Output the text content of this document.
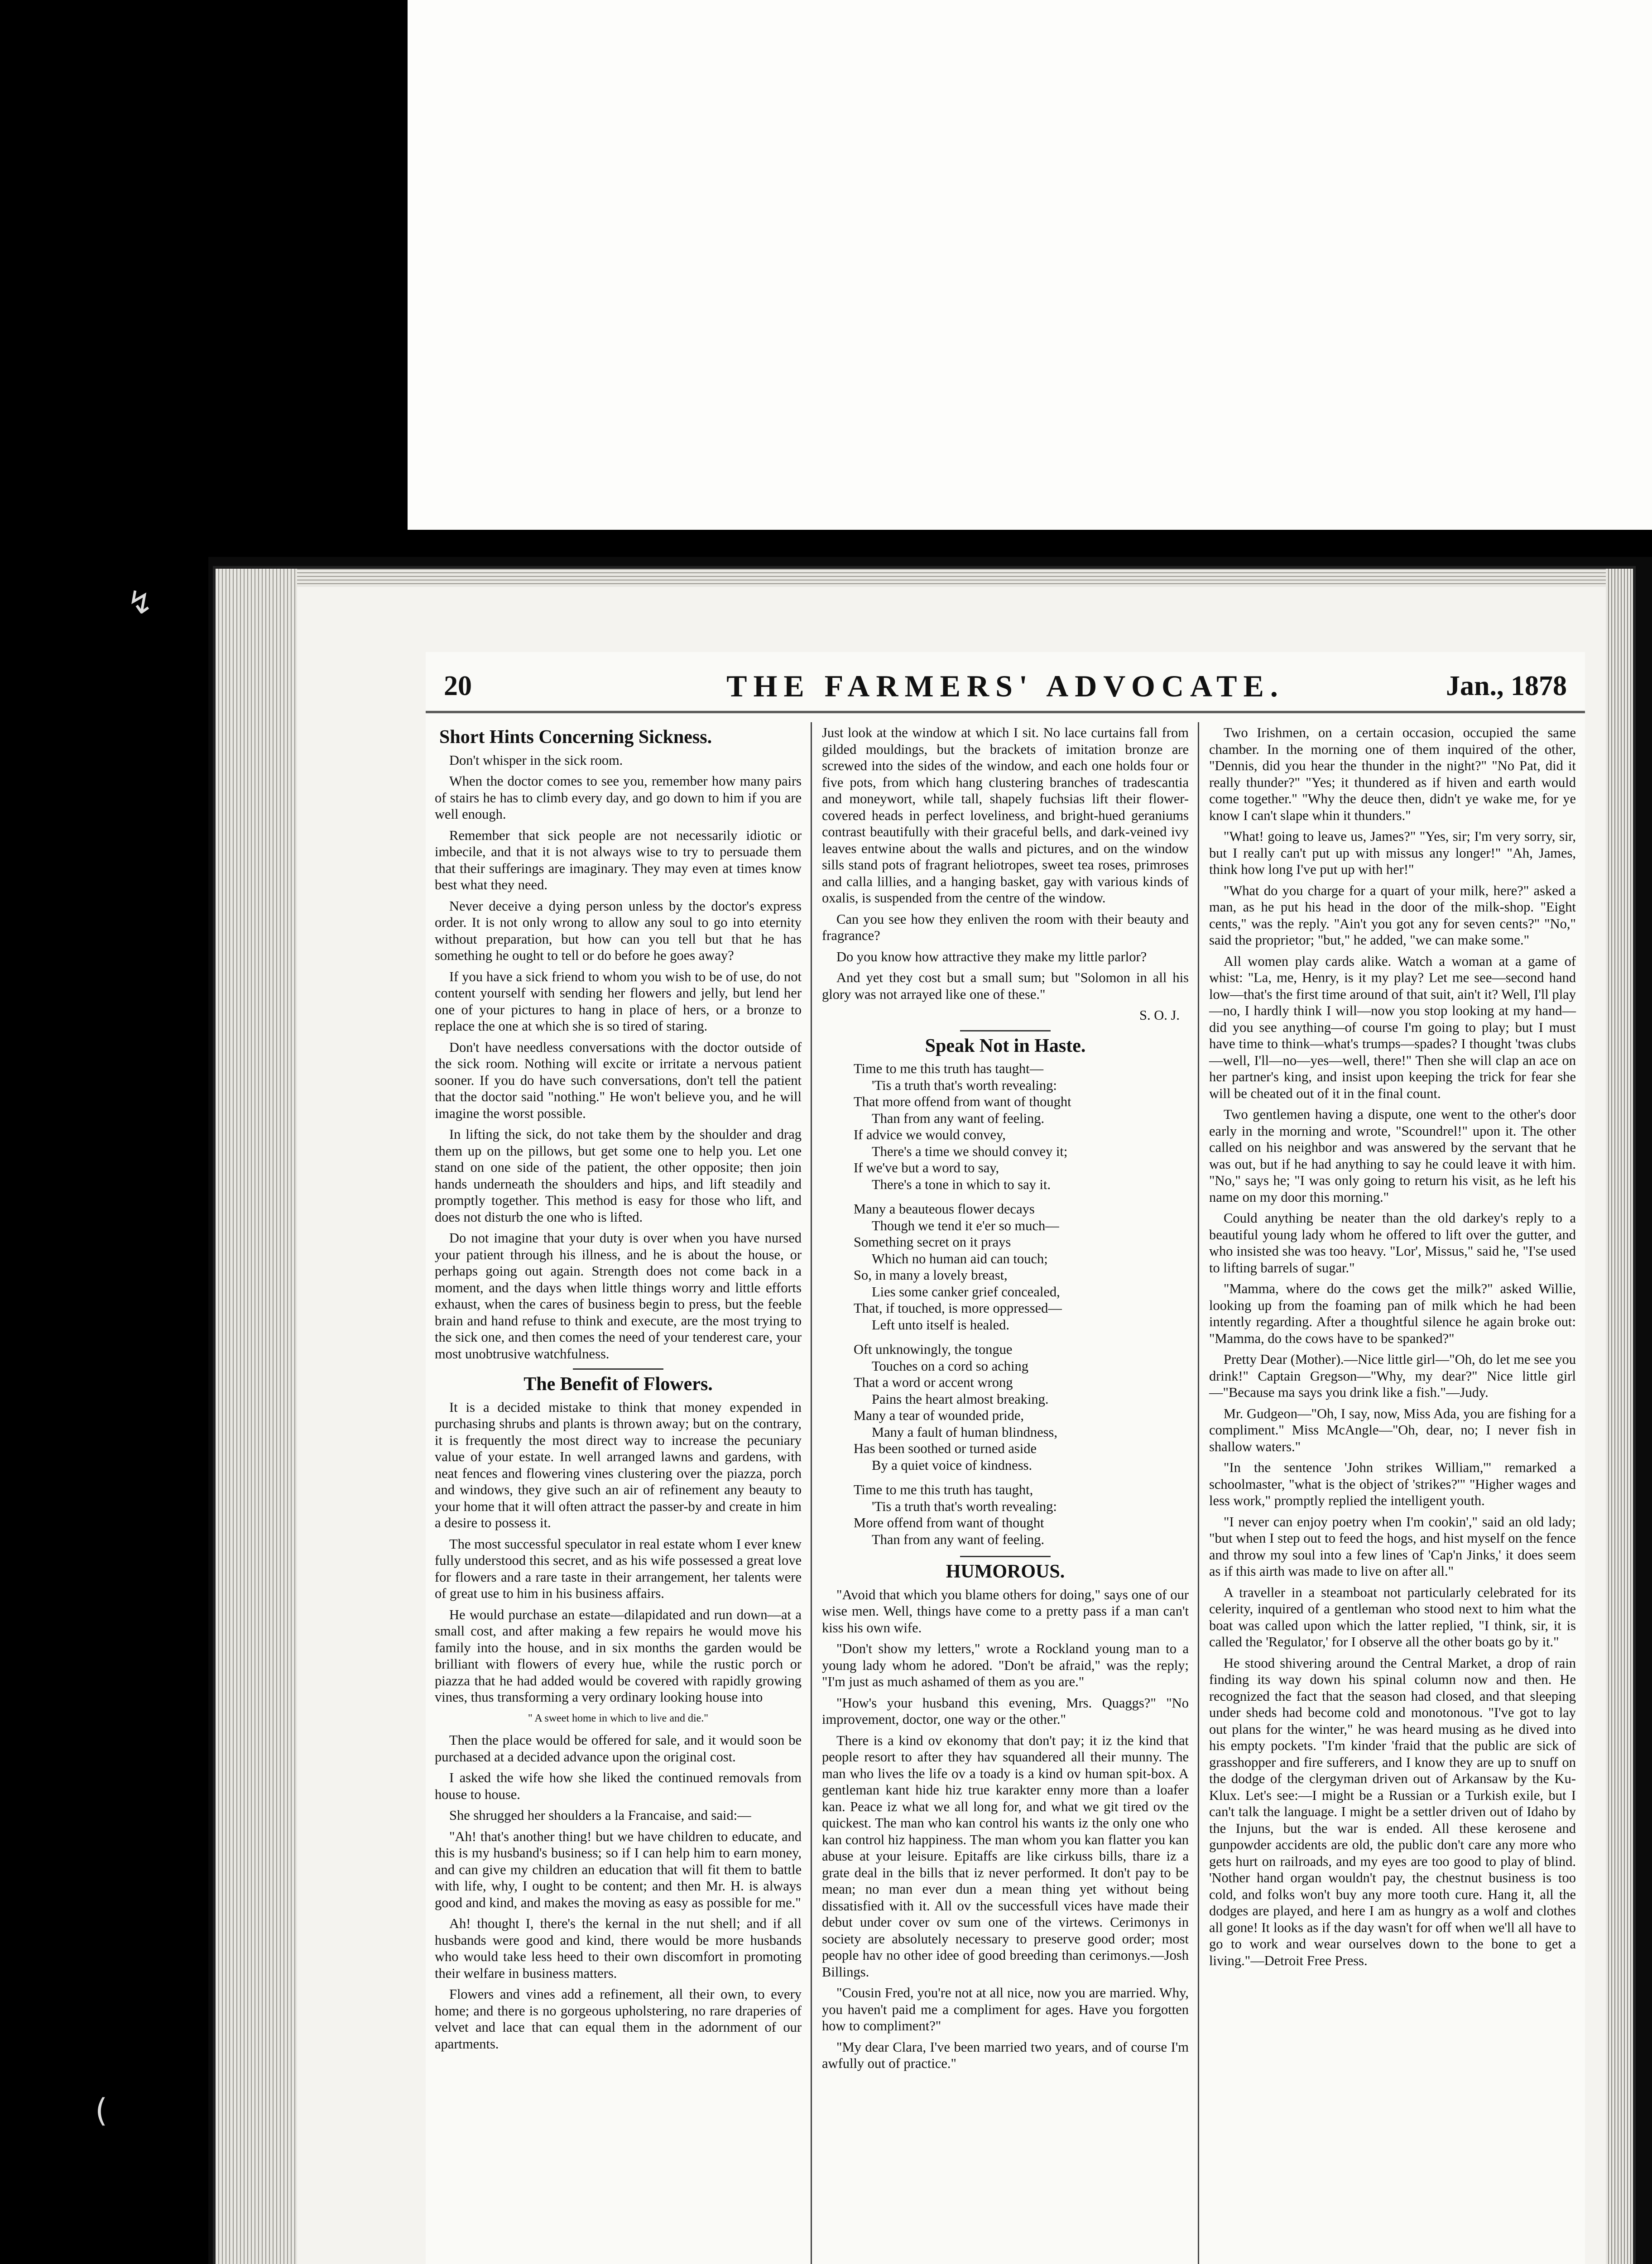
↯
(
20	THE FARMERS' ADVOCATE.	Jan., 1878
Short Hints Concerning Sickness.

Don't whisper in the sick room.

When the doctor comes to see you, remember how many pairs of stairs he has to climb every day, and go down to him if you are well enough.

Remember that sick people are not necessarily idiotic or imbecile, and that it is not always wise to try to persuade them that their sufferings are imaginary. They may even at times know best what they need.

Never deceive a dying person unless by the doctor's express order. It is not only wrong to allow any soul to go into eternity without preparation, but how can you tell but that he has something he ought to tell or do before he goes away?

If you have a sick friend to whom you wish to be of use, do not content yourself with sending her flowers and jelly, but lend her one of your pictures to hang in place of hers, or a bronze to replace the one at which she is so tired of staring.

Don't have needless conversations with the doctor outside of the sick room. Nothing will excite or irritate a nervous patient sooner. If you do have such conversations, don't tell the patient that the doctor said "nothing." He won't believe you, and he will imagine the worst possible.

In lifting the sick, do not take them by the shoulder and drag them up on the pillows, but get some one to help you. Let one stand on one side of the patient, the other opposite; then join hands underneath the shoulders and hips, and lift steadily and promptly together. This method is easy for those who lift, and does not disturb the one who is lifted.

Do not imagine that your duty is over when you have nursed your patient through his illness, and he is about the house, or perhaps going out again. Strength does not come back in a moment, and the days when little things worry and little efforts exhaust, when the cares of business begin to press, but the feeble brain and hand refuse to think and execute, are the most trying to the sick one, and then comes the need of your tenderest care, your most unobtrusive watchfulness.

The Benefit of Flowers.

It is a decided mistake to think that money expended in purchasing shrubs and plants is thrown away; but on the contrary, it is frequently the most direct way to increase the pecuniary value of your estate. In well arranged lawns and gardens, with neat fences and flowering vines clustering over the piazza, porch and windows, they give such an air of refinement any beauty to your home that it will often attract the passer-by and create in him a desire to possess it.

The most successful speculator in real estate whom I ever knew fully understood this secret, and as his wife possessed a great love for flowers and a rare taste in their arrangement, her talents were of great use to him in his business affairs.

He would purchase an estate—dilapidated and run down—at a small cost, and after making a few repairs he would move his family into the house, and in six months the garden would be brilliant with flowers of every hue, while the rustic porch or piazza that he had added would be covered with rapidly growing vines, thus transforming a very ordinary looking house into

" A sweet home in which to live and die."

Then the place would be offered for sale, and it would soon be purchased at a decided advance upon the original cost.

I asked the wife how she liked the continued removals from house to house.

She shrugged her shoulders a la Francaise, and said:—

"Ah! that's another thing! but we have children to educate, and this is my husband's business; so if I can help him to earn money, and can give my children an education that will fit them to battle with life, why, I ought to be content; and then Mr. H. is always good and kind, and makes the moving as easy as possible for me."

Ah! thought I, there's the kernal in the nut shell; and if all husbands were good and kind, there would be more husbands who would take less heed to their own discomfort in promoting their welfare in business matters.

Flowers and vines add a refinement, all their own, to every home; and there is no gorgeous upholstering, no rare draperies of velvet and lace that can equal them in the adornment of our apartments.

Just look at the window at which I sit. No lace curtains fall from gilded mouldings, but the brackets of imitation bronze are screwed into the sides of the window, and each one holds four or five pots, from which hang clustering branches of tradescantia and moneywort, while tall, shapely fuchsias lift their flower-covered heads in perfect loveliness, and bright-hued geraniums contrast beautifully with their graceful bells, and dark-veined ivy leaves entwine about the walls and pictures, and on the window sills stand pots of fragrant heliotropes, sweet tea roses, primroses and calla lillies, and a hanging basket, gay with various kinds of oxalis, is suspended from the centre of the window.

Can you see how they enliven the room with their beauty and fragrance?

Do you know how attractive they make my little parlor?

And yet they cost but a small sum; but "Solomon in all his glory was not arrayed like one of these."

S. O. J.
Speak Not in Haste.
Time to me this truth has taught—
'Tis a truth that's worth revealing:
That more offend from want of thought
Than from any want of feeling.
If advice we would convey,
There's a time we should convey it;
If we've but a word to say,
There's a tone in which to say it.
Many a beauteous flower decays
Though we tend it e'er so much—
Something secret on it prays
Which no human aid can touch;
So, in many a lovely breast,
Lies some canker grief concealed,
That, if touched, is more oppressed—
Left unto itself is healed.
Oft unknowingly, the tongue
Touches on a cord so aching
That a word or accent wrong
Pains the heart almost breaking.
Many a tear of wounded pride,
Many a fault of human blindness,
Has been soothed or turned aside
By a quiet voice of kindness.
Time to me this truth has taught,
'Tis a truth that's worth revealing:
More offend from want of thought
Than from any want of feeling.
HUMOROUS.

"Avoid that which you blame others for doing," says one of our wise men. Well, things have come to a pretty pass if a man can't kiss his own wife.

"Don't show my letters," wrote a Rockland young man to a young lady whom he adored. "Don't be afraid," was the reply; "I'm just as much ashamed of them as you are."

"How's your husband this evening, Mrs. Quaggs?" "No improvement, doctor, one way or the other."

There is a kind ov ekonomy that don't pay; it iz the kind that people resort to after they hav squandered all their munny. The man who lives the life ov a toady is a kind ov human spit-box. A gentleman kant hide hiz true karakter enny more than a loafer kan. Peace iz what we all long for, and what we git tired ov the quickest. The man who kan control his wants iz the only one who kan control hiz happiness. The man whom you kan flatter you kan abuse at your leisure. Epitaffs are like cirkuss bills, thare iz a grate deal in the bills that iz never performed. It don't pay to be mean; no man ever dun a mean thing yet without being dissatisfied with it. All ov the successfull vices have made their debut under cover ov sum one of the virtews. Cerimonys in society are absolutely necessary to preserve good order; most people hav no other idee of good breeding than cerimonys.—Josh Billings.

"Cousin Fred, you're not at all nice, now you are married. Why, you haven't paid me a compliment for ages. Have you forgotten how to compliment?"

"My dear Clara, I've been married two years, and of course I'm awfully out of practice."

Two Irishmen, on a certain occasion, occupied the same chamber. In the morning one of them inquired of the other, "Dennis, did you hear the thunder in the night?" "No Pat, did it really thunder?" "Yes; it thundered as if hiven and earth would come together." "Why the deuce then, didn't ye wake me, for ye know I can't slape whin it thunders."

"What! going to leave us, James?" "Yes, sir; I'm very sorry, sir, but I really can't put up with missus any longer!" "Ah, James, think how long I've put up with her!"

"What do you charge for a quart of your milk, here?" asked a man, as he put his head in the door of the milk-shop. "Eight cents," was the reply. "Ain't you got any for seven cents?" "No," said the proprietor; "but," he added, "we can make some."

All women play cards alike. Watch a woman at a game of whist: "La, me, Henry, is it my play? Let me see—second hand low—that's the first time around of that suit, ain't it? Well, I'll play—no, I hardly think I will—now you stop looking at my hand—did you see anything—of course I'm going to play; but I must have time to think—what's trumps—spades? I thought 'twas clubs—well, I'll—no—yes—well, there!" Then she will clap an ace on her partner's king, and insist upon keeping the trick for fear she will be cheated out of it in the final count.

Two gentlemen having a dispute, one went to the other's door early in the morning and wrote, "Scoundrel!" upon it. The other called on his neighbor and was answered by the servant that he was out, but if he had anything to say he could leave it with him. "No," says he; "I was only going to return his visit, as he left his name on my door this morning."

Could anything be neater than the old darkey's reply to a beautiful young lady whom he offered to lift over the gutter, and who insisted she was too heavy. "Lor', Missus," said he, "I'se used to lifting barrels of sugar."

"Mamma, where do the cows get the milk?" asked Willie, looking up from the foaming pan of milk which he had been intently regarding. After a thoughtful silence he again broke out: "Mamma, do the cows have to be spanked?"

Pretty Dear (Mother).—Nice little girl—"Oh, do let me see you drink!" Captain Gregson—"Why, my dear?" Nice little girl—"Because ma says you drink like a fish."—Judy.

Mr. Gudgeon—"Oh, I say, now, Miss Ada, you are fishing for a compliment." Miss McAngle—"Oh, dear, no; I never fish in shallow waters."

"In the sentence 'John strikes William,'" remarked a schoolmaster, "what is the object of 'strikes?'" "Higher wages and less work," promptly replied the intelligent youth.

"I never can enjoy poetry when I'm cookin'," said an old lady; "but when I step out to feed the hogs, and hist myself on the fence and throw my soul into a few lines of 'Cap'n Jinks,' it does seem as if this airth was made to live on after all."

A traveller in a steamboat not particularly celebrated for its celerity, inquired of a gentleman who stood next to him what the boat was called upon which the latter replied, "I think, sir, it is called the 'Regulator,' for I observe all the other boats go by it."

He stood shivering around the Central Market, a drop of rain finding its way down his spinal column now and then. He recognized the fact that the season had closed, and that sleeping under sheds had become cold and monotonous. "I've got to lay out plans for the winter," he was heard musing as he dived into his empty pockets. "I'm kinder 'fraid that the public are sick of grasshopper and fire sufferers, and I know they are up to snuff on the dodge of the clergyman driven out of Arkansaw by the Ku-Klux. Let's see:—I might be a Russian or a Turkish exile, but I can't talk the language. I might be a settler driven out of Idaho by the Injuns, but the war is ended. All these kerosene and gunpowder accidents are old, the public don't care any more who gets hurt on railroads, and my eyes are too good to play of blind. 'Nother hand organ wouldn't pay, the chestnut business is too cold, and folks won't buy any more tooth cure. Hang it, all the dodges are played, and here I am as hungry as a wolf and clothes all gone! It looks as if the day wasn't for off when we'll all have to go to work and wear ourselves down to the bone to get a living."—Detroit Free Press.
